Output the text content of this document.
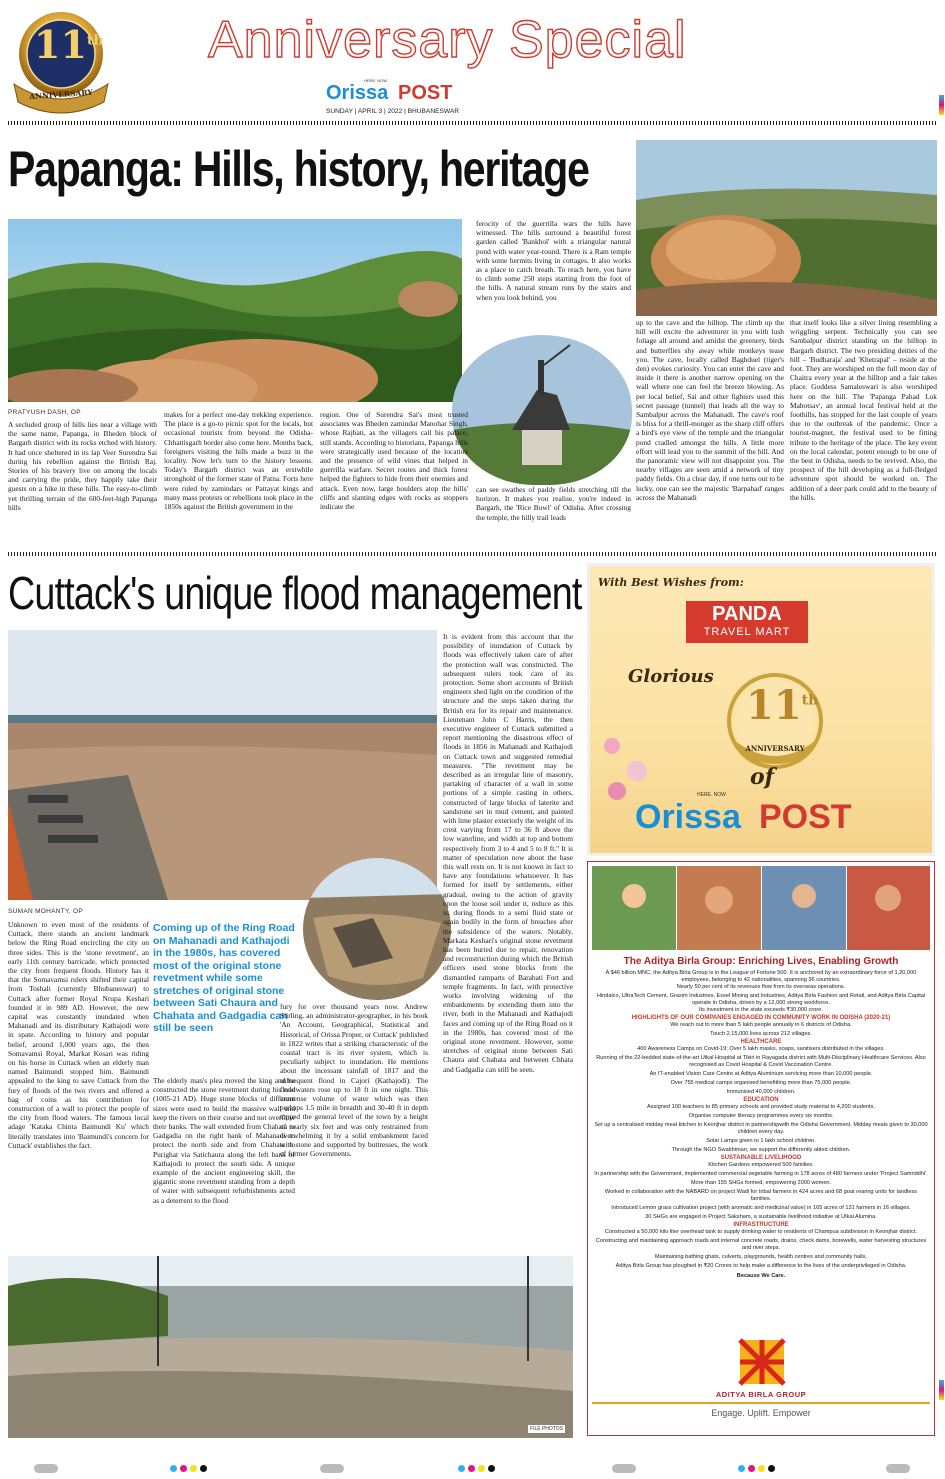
11th
ANNIVERSARY
Anniversary Special
HERE. NOW
Orissa POST
SUNDAY | APRIL 3 | 2022 | BHUBANESWAR
Papanga: Hills, history, heritage
PRATYUSH DASH, OP

A secluded group of hills lies near a village with the same name, Papanga, in Bheden block of Bargarh district with its rocks etched with history. It had once sheltered in its lap Veer Surendra Sai during his rebellion against the British Raj. Stories of his bravery live on among the locals and carrying the pride, they happily take their guests on a hike in these hills. The easy-to-climb yet thrilling terrain of the 600-feet-high Papanga hills

makes for a perfect one-day trekking experience. The place is a go-to picnic spot for the locals, but occasional tourists from beyond the Odisha-Chhattisgarh border also come here. Months back, foreigners visiting the hills made a buzz in the locality. Now let's turn to the history lessons. Today's Bargarh district was an erstwhile stronghold of the former state of Patna. Forts here were ruled by zamindars or Pattayat kings and many mass protests or rebellions took place in the 1850s against the British government in the

region. One of Surendra Sai's most trusted associates was Bheden zamindar Manohar Singh, whose Rajbati, as the villagers call his palace, still stands. According to historians, Papanga hills were strategically used because of the location and the presence of wild vines that helped in guerrilla warfare. Secret routes and thick forest helped the fighters to hide from their enemies and attack. Even now, large boulders atop the hills' cliffs and slanting edges with rocks as stoppers indicate the

ferocity of the guerrilla wars the hills have witnessed. The hills surround a beautiful forest garden called 'Bankhol' with a triangular natural pond with water year-round. There is a Ram temple with some hermits living in cottages. It also works as a place to catch breath. To reach here, you have to climb some 250 steps starting from the foot of the hills. A natural stream runs by the stairs and when you look behind, you

can see swathes of paddy fields stretching till the horizon. It makes you realise, you're indeed in Bargarh, the 'Rice Bowl' of Odisha. After crossing the temple, the hilly trail leads

up to the cave and the hilltop. The climb up the hill will excite the adventurer in you with lush foliage all around and amidst the greenery, birds and butterflies shy away while monkeys tease you. The cave, locally called Baghduel (tiger's den) evokes curiosity. You can enter the cave and inside it there is another narrow opening on the wall where one can feel the breeze blowing. As per local belief, Sai and other fighters used this secret passage (tunnel) that leads all the way to Sambalpur across the Mahanadi. The cave's roof is bliss for a thrill-monger as the sharp cliff offers a bird's eye view of the temple and the triangular pond cradled amongst the hills. A little more effort will lead you to the summit of the hill. And the panoramic view will not disappoint you. The nearby villages are seen amid a network of tiny paddy fields. On a clear day, if one turns out to be lucky, one can see the majestic 'Barpahad' ranges across the Mahanadi

that itself looks like a silver lining resembling a wriggling serpent. Technically you can see Sambalpur district standing on the hilltop in Bargarh district. The two presiding deities of the hill – 'Budharaja' and 'Khetrapal' – reside at the foot. They are worshiped on the full moon day of Chaitra every year at the hilltop and a fair takes place. Goddess Samaleswari is also worshiped here on the hill. The 'Papanga Pahad Lok Mahotsav', an annual local festival held at the foothills, has stopped for the last couple of years due to the outbreak of the pandemic. Once a tourist-magnet, the festival used to be fitting tribute to the heritage of the place. The key event on the local calendar, potent enough to be one of the best in Odisha, needs to be revived. Also, the prospect of the hill developing as a full-fledged adventure spot should be worked on. The addition of a deer park could add to the beauty of the hills.

Cuttack's unique flood management
SUMAN MOHANTY, OP

Unknown to even most of the residents of Cuttack, there stands an ancient landmark below the Ring Road encircling the city on three sides. This is the 'stone revetment', an early 11th century barricade, which protected the city from frequent floods. History has it that the Somavamsi rulers shifted their capital from Toshali (currently Bhubaneswar) to Cuttack after former Royal Nrupa Keshari founded it in 989 AD. However, the new capital was constantly inundated when Mahanadi and its distributary Kathajodi were in spate. According to history and popular belief, around 1,000 years ago, the then Somavamsi Royal, Markat Kesari was riding on his horse in Cuttack when an elderly man named Baimundi stopped him. Baimundi appealed to the king to save Cuttack from the fury of floods of the two rivers and offered a bag of coins as his contribution for construction of a wall to protect the people of the city from flood waters. The famous local adage 'Kataka Chinta Baimundi Ku' which literally translates into 'Baimundi's concern for Cuttack' establishes the fact.

Coming up of the Ring Road on Mahanadi and Kathajodi in the 1980s, has covered most of the original stone revetment while some stretches of original stone between Sati Chaura and Chahata and Gadgadia can still be seen

The elderly man's plea moved the king and he constructed the stone revetment during his rule (1005-21 AD). Huge stone blocks of different sizes were used to build the massive wall and keep the rivers on their course and not overflow their banks. The wall extended from Chahata to Gadgadia on the right bank of Mahanadi to protect the north side and from Chahata to Purighat via Satichaura along the left bank of Kathajodi to protect the south side. A unique example of the ancient engineering skill, the gigantic stone revetment standing from a depth of water with subsequent refurbishments acted as a deterrent to the flood

fury for over thousand years now. Andrew Stirling, an administrator-geographer, in his book 'An Account, Geographical, Statistical and Historical, of Orissa Proper, or Cuttack' published in 1822 writes that a striking characteristic of the coastal tract is its river system, which is peculiarly subject to inundation. He mentions about the incessant rainfall of 1817 and the subsequent flood in Cajori (Kathajodi). The floodwaters rose up to 18 ft in one night. This immense volume of water which was then perhaps 1.5 mile in breadth and 30-40 ft in depth topped the general level of the town by a height of nearly six feet and was only restrained from overwhelming it by a solid embankment faced with stone and supported by buttresses, the work of former Governments.

It is evident from this account that the possibility of inundation of Cuttack by floods was effectively taken care of after the protection wall was constructed. The subsequent rulers took care of its protection. Some short accounts of British engineers shed light on the condition of the structure and the steps taken during the British era for its repair and maintenance. Lieutenant John C Harris, the then executive engineer of Cuttack submitted a report mentioning the disastrous effect of floods in 1856 in Mahanadi and Kathajodi on Cuttack town and suggested remedial measures. "The revetment may be described as an irregular line of masonry, partaking of character of a wall in some portions of a simple casting in others, constructed of large blocks of laterite and sandstone set in mud cement, and painted with lime plaster exteriorly the weight of its crest varying from 17 to 36 ft above the low waterline, and width at top and bottom respectively from 3 to 4 and 5 to 8 ft." It is matter of speculation now about the base this wall rests on. It is not known in fact to have any foundations whatsoever. It has formed for itself by settlements, either gradual, owing to the action of gravity upon the loose soil under it, reduce as this is, during floods to a semi fluid state or again bodily in the form of breaches after the subsidence of the waters. Notably, Markata Keshari's original stone revetment has been buried due to repair, renovation and reconstruction during which the British officers used stone blocks from the dismantled ramparts of Barabati Fort and temple fragments. In fact, with protective works involving widening of the embankments by extending them into the river, both in the Mahanadi and Kathajodi faces and coming up of the Ring Road on it in the 1980s, has covered most of the original stone revetment. However, some stretches of original stone between Sati Chaura and Chahata and between Chhata and Gadgadia can still be seen.

FILE PHOTOS
With Best Wishes from:
PANDA
TRAVEL MART
Glorious
11th
ANNIVERSARY
of
HERE. NOW
Orissa POST
The Aditya Birla Group: Enriching Lives, Enabling Growth
A $46 billion MNC, the Aditya Birla Group is in the League of Fortune 500. It is anchored by an extraordinary force of 1,20,000 employees, belonging to 42 nationalities, spanning 36 countries.
Nearly 50 per cent of its revenues flow from its overseas operations.
Hindalco, UltraTech Cement, Grasim Industries, Essel Mining and Industries, Aditya Birla Fashion and Retail, and Aditya Birla Capital operate in Odisha, driven by a 12,000 strong workforce.
Its investment in the state exceeds ₹30,000 crore.
HIGHLIGHTS OF OUR COMPANIES ENGAGED IN COMMUNITY WORK IN ODISHA (2020-21)
We reach out to more than 5 lakh people annually in 6 districts of Odisha.
Touch 2,15,000 lives across 212 villages.
HEALTHCARE
400 Awareness Camps on Covid-19; Over 5 lakh masks, soaps, sanitisers distributed in the villages.
Running of the 22-bedded state-of-the-art Utkal Hospital at Tikiri in Rayagada district with Multi-Disciplinary Healthcare Services. Also recognised as Covid Hospital & Covid Vaccination Centre.
An IT-enabled Vision Care Centre at Aditya Aluminium servicing more than 10,000 people.
Over 755 medical camps organised benefitting more than 75,000 people.
Immunised 40,000 children.
EDUCATION
Assigned 100 teachers to 85 primary schools and provided study material to 4,200 students.
Organise computer literacy programmes every six months.
Set up a centralised midday meal kitchen in Keonjhar district in partnershipwith the Odisha Government. Midday meals given to 30,000 children every day.
Solar Lamps given to 1 lakh school children.
Through the NGO Swabhiman, we support the differently abled children.
SUSTAINABLE LIVELIHOOD
Kitchen Gardens empowered 500 families.
In partnership with the Government, implemented commercial vegetable farming in 178 acres of 480 farmers under 'Project Samriddhi'.
More than 155 SHGs formed, empowering 2000 women.
Worked in collaboration with the NABARD on project Wadi for tribal farmers in 424 acres and 68 goat rearing units for landless families.
Introduced Lemon grass cultivation project (with aromatic and medicinal value) in 165 acres of 131 farmers in 16 villages.
30 SHGs are engaged in Project Saksham, a sustainable livelihood initiative at Utkal Alumina.
INFRASTRUCTURE
Constructed a 50,000 kilo liter overhead tank to supply drinking water to residents of Champua subdivision in Keonjhar district.
Constructing and maintaining approach roads and internal concrete roads, drains, check dams, borewells, water harvesting structures and river steps.
Maintaining bathing ghats, culverts, playgrounds, health centres and community halls.
Aditya Birla Group has ploughed in ₹20 Crores to help make a difference to the lives of the underprivileged in Odisha.
Because We Care.
ADITYA BIRLA GROUP
Engage. Uplift. Empower
